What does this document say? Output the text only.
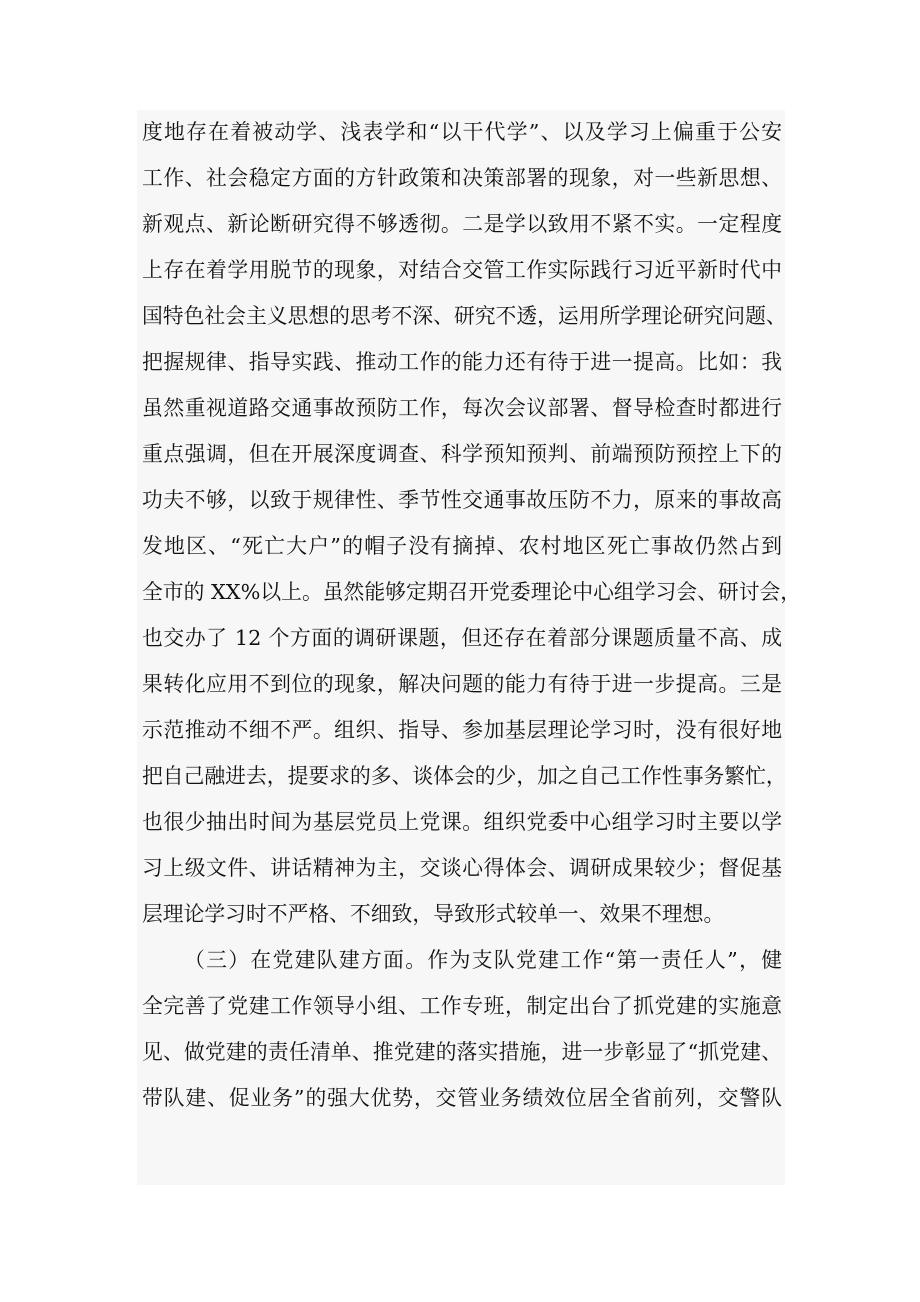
度地存在着被动学、浅表学和“以干代学”、以及学习上偏重于公安
工作、社会稳定方面的方针政策和决策部署的现象，对一些新思想、
新观点、新论断研究得不够透彻。二是学以致用不紧不实。一定程度
上存在着学用脱节的现象，对结合交管工作实际践行习近平新时代中
国特色社会主义思想的思考不深、研究不透，运用所学理论研究问题、
把握规律、指导实践、推动工作的能力还有待于进一提高。比如：我
虽然重视道路交通事故预防工作，每次会议部署、督导检查时都进行
重点强调，但在开展深度调查、科学预知预判、前端预防预控上下的
功夫不够，以致于规律性、季节性交通事故压防不力，原来的事故高
发地区、“死亡大户”的帽子没有摘掉、农村地区死亡事故仍然占到
全市的 XX%以上。虽然能够定期召开党委理论中心组学习会、研讨会，
也交办了 12 个方面的调研课题，但还存在着部分课题质量不高、成
果转化应用不到位的现象，解决问题的能力有待于进一步提高。三是
示范推动不细不严。组织、指导、参加基层理论学习时，没有很好地
把自己融进去，提要求的多、谈体会的少，加之自己工作性事务繁忙，
也很少抽出时间为基层党员上党课。组织党委中心组学习时主要以学
习上级文件、讲话精神为主，交谈心得体会、调研成果较少；督促基
层理论学习时不严格、不细致，导致形式较单一、效果不理想。
（三）在党建队建方面。作为支队党建工作“第一责任人”，健
全完善了党建工作领导小组、工作专班，制定出台了抓党建的实施意
见、做党建的责任清单、推党建的落实措施，进一步彰显了“抓党建、
带队建、促业务”的强大优势，交管业务绩效位居全省前列，交警队
